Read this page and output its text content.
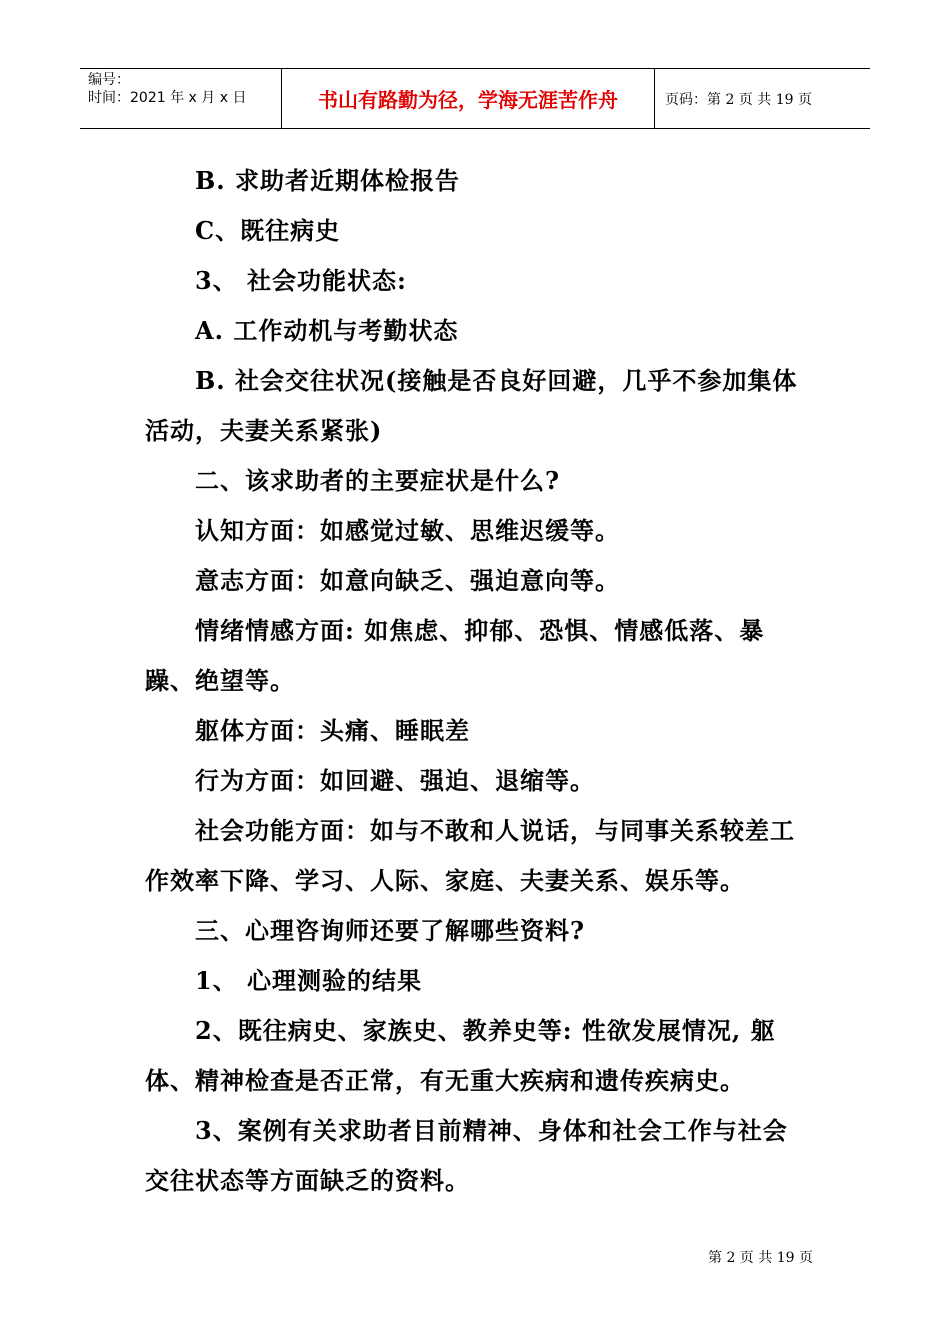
编号：
时间：2021 年 x 月 x 日	书山有路勤为径，学海无涯苦作舟	页码：第 2 页 共 19 页

B. 求助者近期体检报告

C、既往病史

3、 社会功能状态:

A. 工作动机与考勤状态

B. 社会交往状况(接触是否良好回避，几乎不参加集体活动，夫妻关系紧张)

二、该求助者的主要症状是什么?

认知方面：如感觉过敏、思维迟缓等。

意志方面：如意向缺乏、强迫意向等。

情绪情感方面: 如焦虑、抑郁、恐惧、情感低落、暴躁、绝望等。

躯体方面：头痛、睡眠差

行为方面：如回避、强迫、退缩等。

社会功能方面：如与不敢和人说话，与同事关系较差工作效率下降、学习、人际、家庭、夫妻关系、娱乐等。

三、心理咨询师还要了解哪些资料?

1、 心理测验的结果

2、既往病史、家族史、教养史等: 性欲发展情况, 躯体、精神检查是否正常，有无重大疾病和遗传疾病史。

3、案例有关求助者目前精神、身体和社会工作与社会交往状态等方面缺乏的资料。

第 2 页 共 19 页
